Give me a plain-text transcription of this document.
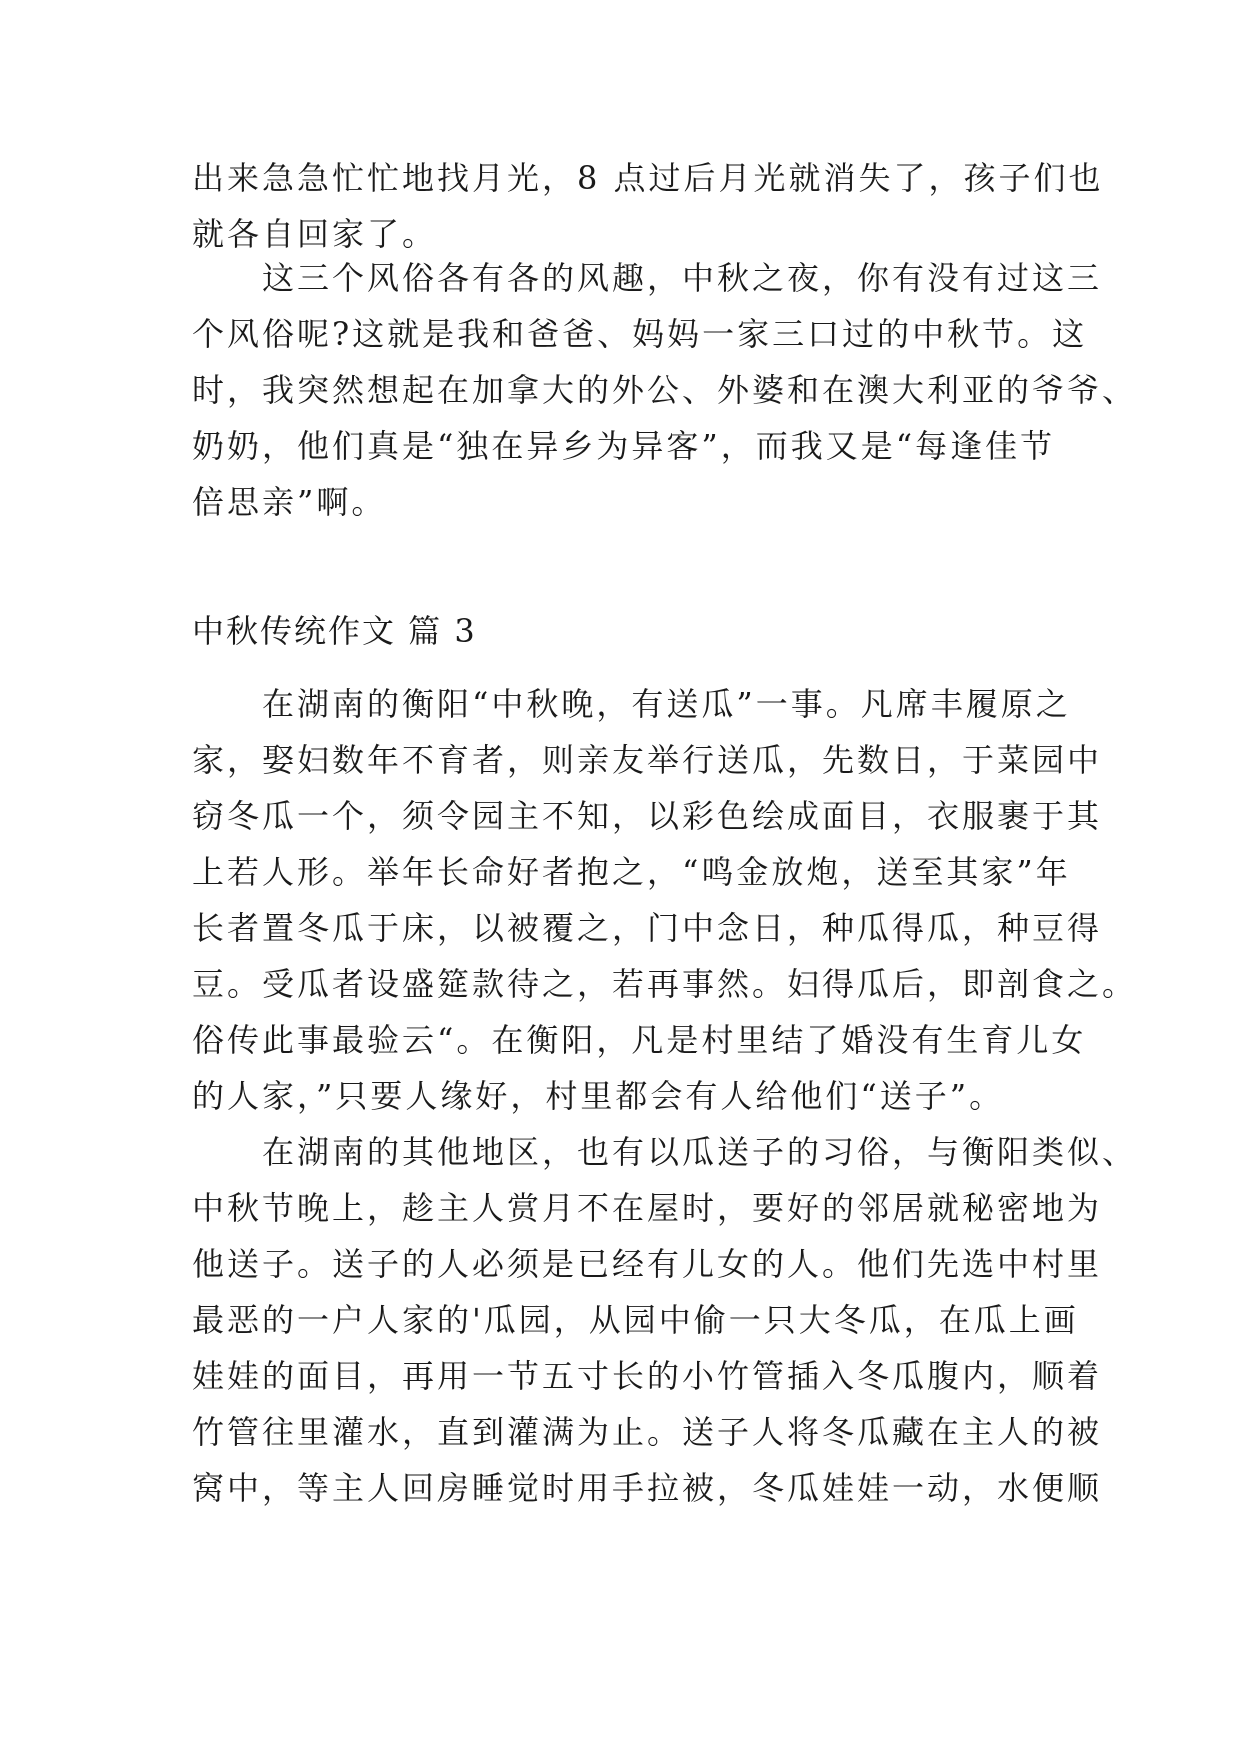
出来急急忙忙地找月光，8 点过后月光就消失了，孩子们也
就各自回家了。
　　这三个风俗各有各的风趣，中秋之夜，你有没有过这三
个风俗呢?这就是我和爸爸、妈妈一家三口过的中秋节。这
时，我突然想起在加拿大的外公、外婆和在澳大利亚的爷爷、
奶奶，他们真是“独在异乡为异客”，而我又是“每逢佳节
倍思亲”啊。
中秋传统作文 篇 3
　　在湖南的衡阳“中秋晚，有送瓜”一事。凡席丰履原之
家，娶妇数年不育者，则亲友举行送瓜，先数日，于菜园中
窃冬瓜一个，须令园主不知，以彩色绘成面目，衣服裹于其
上若人形。举年长命好者抱之，“鸣金放炮，送至其家”年
长者置冬瓜于床，以被覆之，门中念日，种瓜得瓜，种豆得
豆。受瓜者设盛筵款待之，若再事然。妇得瓜后，即剖食之。
俗传此事最验云“。在衡阳，凡是村里结了婚没有生育儿女
的人家，”只要人缘好，村里都会有人给他们“送子”。
　　在湖南的其他地区，也有以瓜送子的习俗，与衡阳类似、
中秋节晚上，趁主人赏月不在屋时，要好的邻居就秘密地为
他送子。送子的人必须是已经有儿女的人。他们先选中村里
最恶的一户人家的'瓜园，从园中偷一只大冬瓜，在瓜上画
娃娃的面目，再用一节五寸长的小竹管插入冬瓜腹内，顺着
竹管往里灌水，直到灌满为止。送子人将冬瓜藏在主人的被
窝中，等主人回房睡觉时用手拉被，冬瓜娃娃一动，水便顺
